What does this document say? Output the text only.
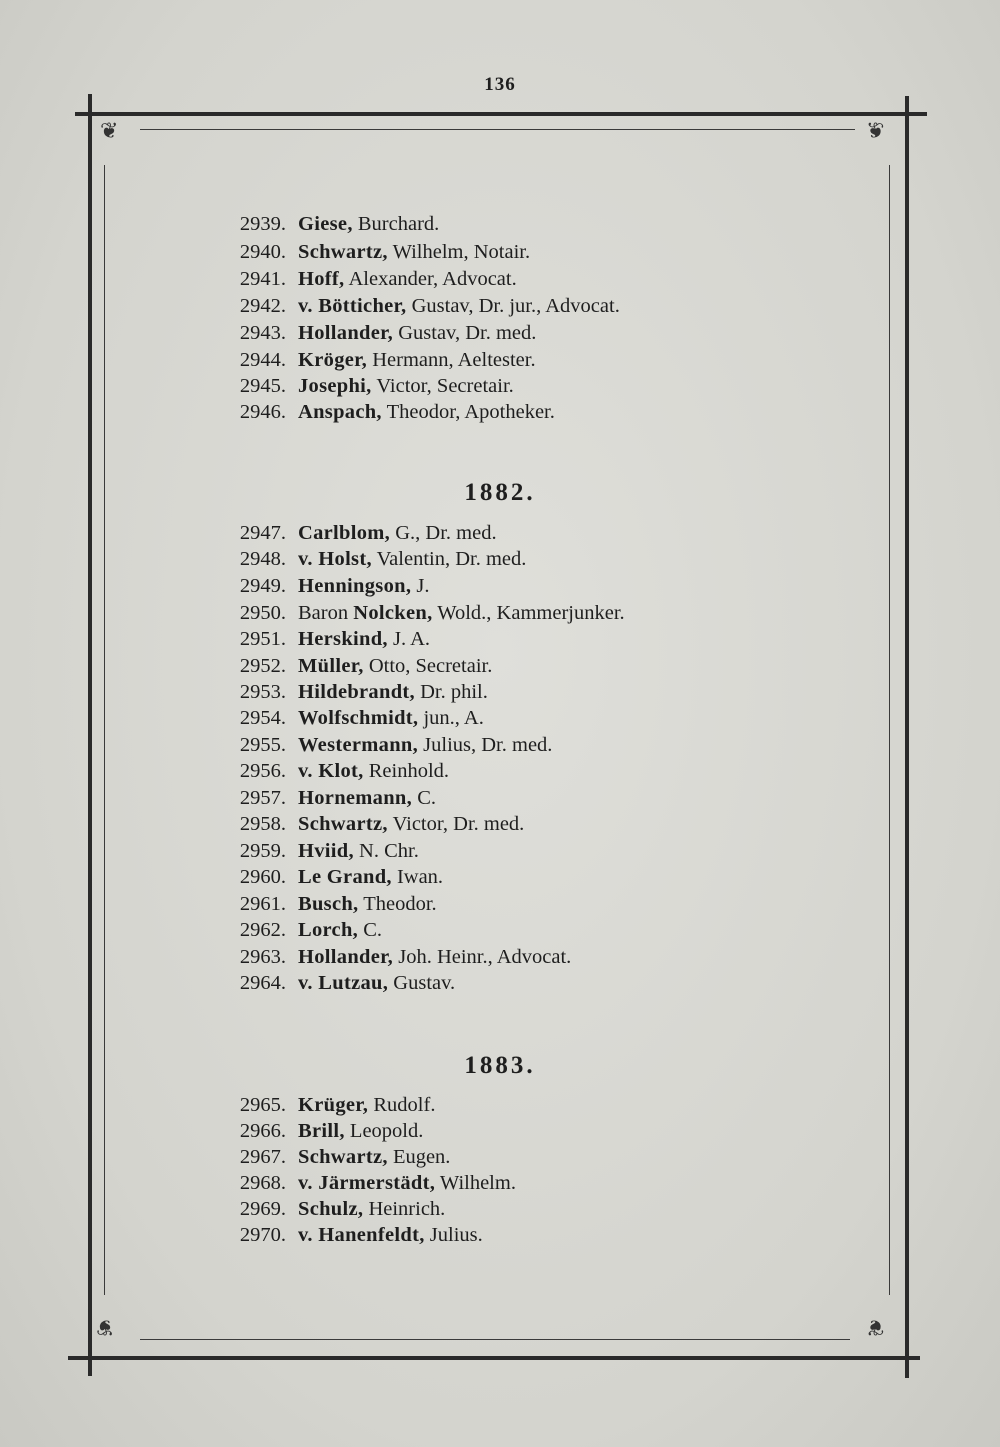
136
❦	❦
❦	❦
2939. Giese, Burchard.
2940. Schwartz, Wilhelm, Notair.
2941. Hoff, Alexander, Advocat.
2942. v. Bötticher, Gustav, Dr. jur., Advocat.
2943. Hollander, Gustav, Dr. med.
2944. Kröger, Hermann, Aeltester.
2945. Josephi, Victor, Secretair.
2946. Anspach, Theodor, Apotheker.
1882.
2947. Carlblom, G., Dr. med.
2948. v. Holst, Valentin, Dr. med.
2949. Henningson, J.
2950. Baron Nolcken, Wold., Kammerjunker.
2951. Herskind, J. A.
2952. Müller, Otto, Secretair.
2953. Hildebrandt, Dr. phil.
2954. Wolfschmidt, jun., A.
2955. Westermann, Julius, Dr. med.
2956. v. Klot, Reinhold.
2957. Hornemann, C.
2958. Schwartz, Victor, Dr. med.
2959. Hviid, N. Chr.
2960. Le Grand, Iwan.
2961. Busch, Theodor.
2962. Lorch, C.
2963. Hollander, Joh. Heinr., Advocat.
2964. v. Lutzau, Gustav.
1883.
2965. Krüger, Rudolf.
2966. Brill, Leopold.
2967. Schwartz, Eugen.
2968. v. Järmerstädt, Wilhelm.
2969. Schulz, Heinrich.
2970. v. Hanenfeldt, Julius.
